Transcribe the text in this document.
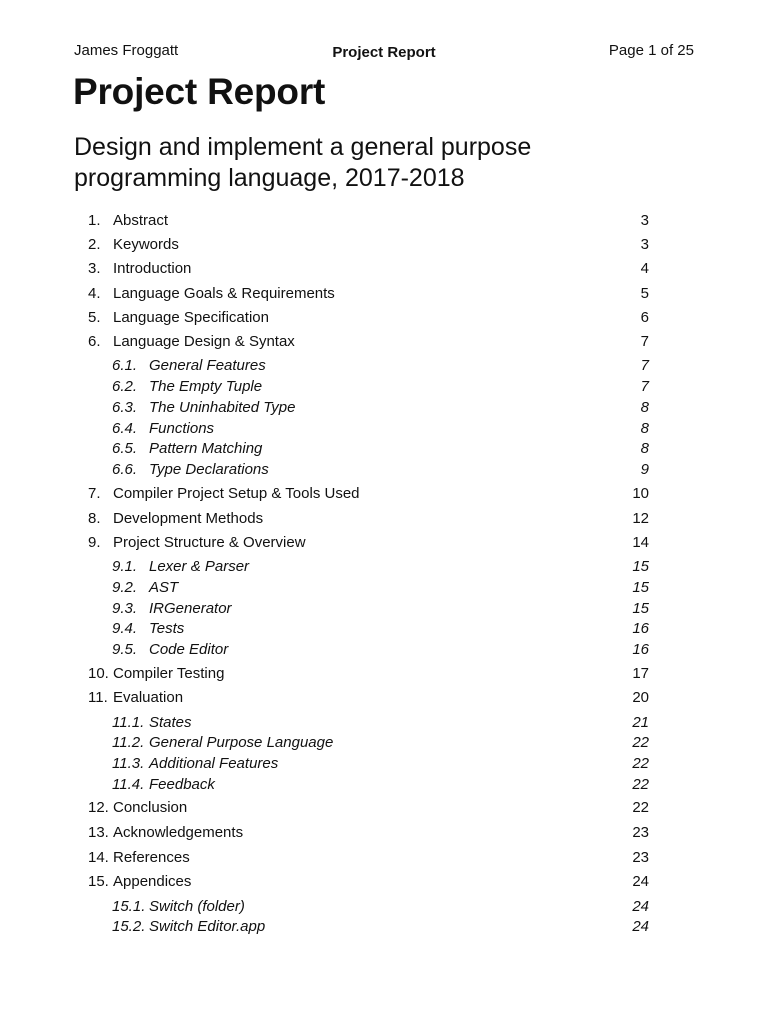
James Froggatt	Project Report	Page 1 of 25
Project Report
Design and implement a general purpose programming language, 2017-2018
1. Abstract	3
2. Keywords	3
3. Introduction	4
4. Language Goals & Requirements	5
5. Language Specification	6
6. Language Design & Syntax	7
6.1. General Features	7
6.2. The Empty Tuple	7
6.3. The Uninhabited Type	8
6.4. Functions	8
6.5. Pattern Matching	8
6.6. Type Declarations	9
7. Compiler Project Setup & Tools Used	10
8. Development Methods	12
9. Project Structure & Overview	14
9.1. Lexer & Parser	15
9.2. AST	15
9.3. IRGenerator	15
9.4. Tests	16
9.5. Code Editor	16
10. Compiler Testing	17
11. Evaluation	20
11.1. States	21
11.2. General Purpose Language	22
11.3. Additional Features	22
11.4. Feedback	22
12. Conclusion	22
13. Acknowledgements	23
14. References	23
15. Appendices	24
15.1. Switch (folder)	24
15.2. Switch Editor.app	24
